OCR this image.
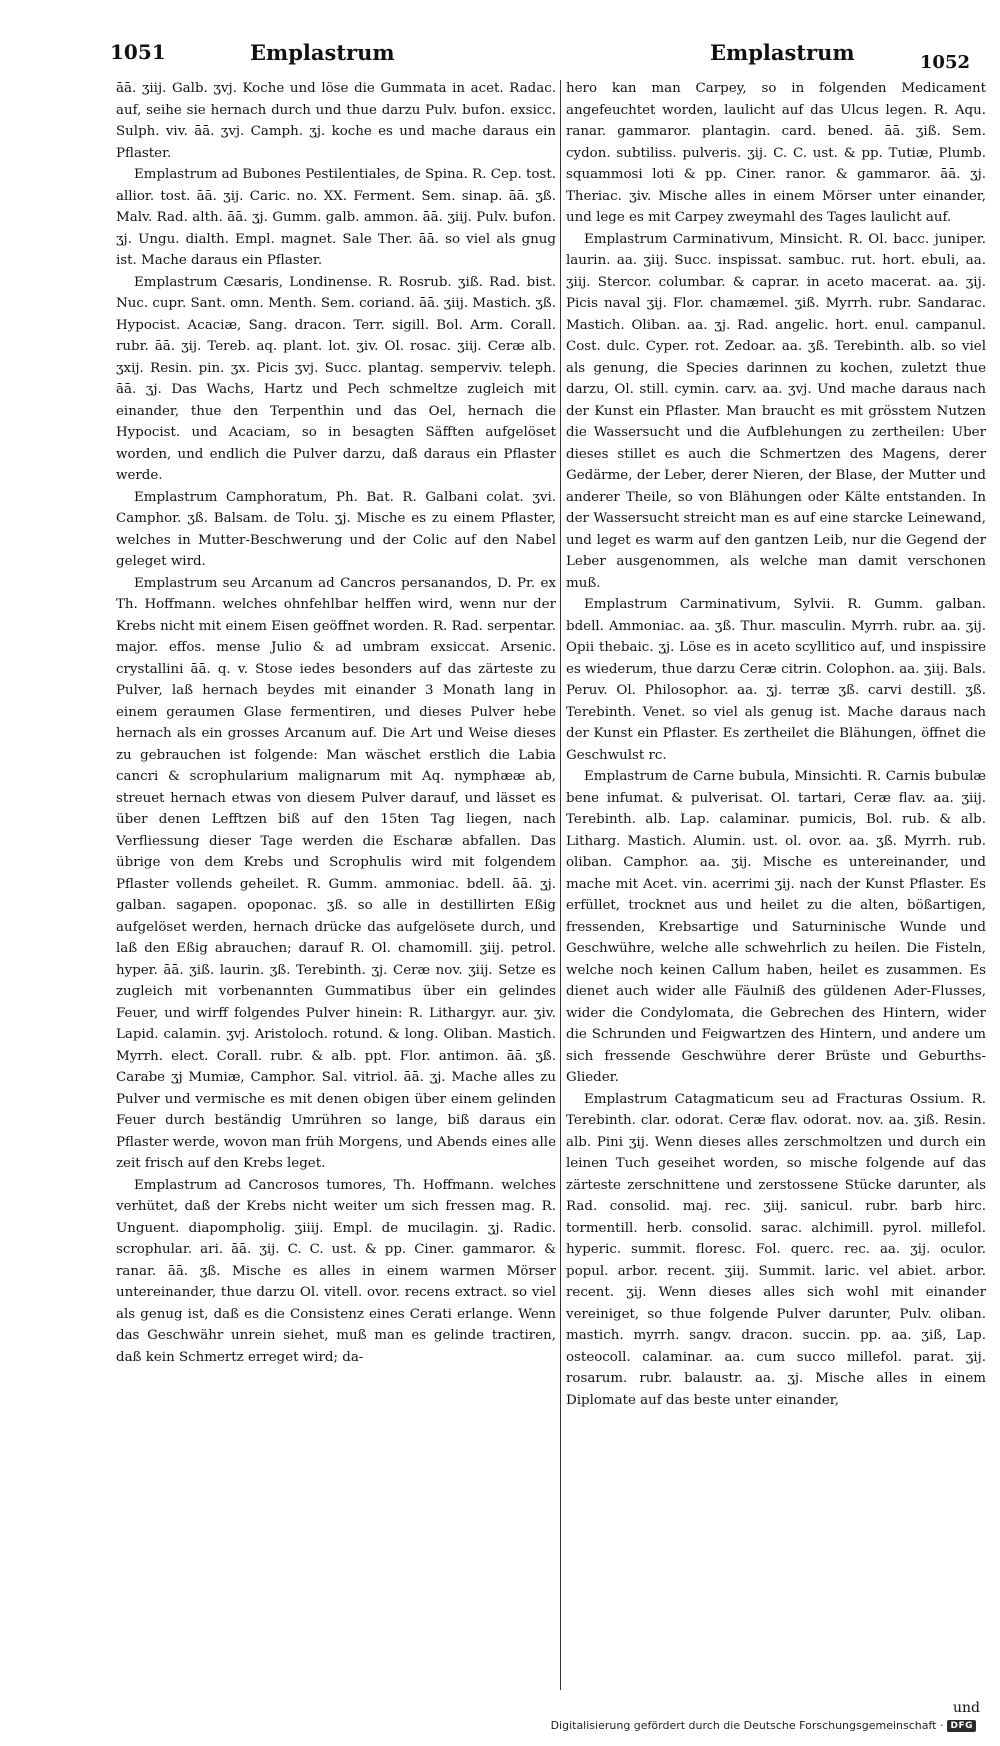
1051	Emplastrum	Emplastrum	1052

āā. ʒiij. Galb. ʒvj. Koche und löse die Gummata in acet. Radac. auf, seihe sie hernach durch und thue darzu Pulv. bufon. exsicc. Sulph. viv. āā. ʒvj. Camph. ʒj. koche es und mache daraus ein Pflaster.

Emplastrum ad Bubones Pestilentiales, de Spina. R. Cep. tost. allior. tost. āā. ʒij. Caric. no. XX. Ferment. Sem. sinap. āā. ʒß. Malv. Rad. alth. āā. ʒj. Gumm. galb. ammon. āā. ʒiij. Pulv. bufon. ʒj. Ungu. dialth. Empl. magnet. Sale Ther. āā. so viel als gnug ist. Mache daraus ein Pflaster.

Emplastrum Cæsaris, Londinense. R. Rosrub. ʒiß. Rad. bist. Nuc. cupr. Sant. omn. Menth. Sem. coriand. āā. ʒiij. Mastich. ʒß. Hypocist. Acaciæ, Sang. dracon. Terr. sigill. Bol. Arm. Corall. rubr. āā. ʒij. Tereb. aq. plant. lot. ʒiv. Ol. rosac. ʒiij. Ceræ alb. ʒxij. Resin. pin. ʒx. Picis ʒvj. Succ. plantag. semperviv. teleph. āā. ʒj. Das Wachs, Hartz und Pech schmeltze zugleich mit einander, thue den Terpenthin und das Oel, hernach die Hypocist. und Acaciam, so in besagten Säfften aufgelöset worden, und endlich die Pulver darzu, daß daraus ein Pflaster werde.

Emplastrum Camphoratum, Ph. Bat. R. Galbani colat. ʒvi. Camphor. ʒß. Balsam. de Tolu. ʒj. Mische es zu einem Pflaster, welches in Mutter-Beschwerung und der Colic auf den Nabel geleget wird.

Emplastrum seu Arcanum ad Cancros persanandos, D. Pr. ex Th. Hoffmann. welches ohnfehlbar helffen wird, wenn nur der Krebs nicht mit einem Eisen geöffnet worden. R. Rad. serpentar. major. effos. mense Julio & ad umbram exsiccat. Arsenic. crystallini āā. q. v. Stose iedes besonders auf das zärteste zu Pulver, laß hernach beydes mit einander 3 Monath lang in einem geraumen Glase fermentiren, und dieses Pulver hebe hernach als ein grosses Arcanum auf. Die Art und Weise dieses zu gebrauchen ist folgende: Man wäschet erstlich die Labia cancri & scrophularium malignarum mit Aq. nymphææ ab, streuet hernach etwas von diesem Pulver darauf, und lässet es über denen Lefftzen biß auf den 15ten Tag liegen, nach Verfliessung dieser Tage werden die Escharæ abfallen. Das übrige von dem Krebs und Scrophulis wird mit folgendem Pflaster vollends geheilet. R. Gumm. ammoniac. bdell. āā. ʒj. galban. sagapen. opoponac. ʒß. so alle in destillirten Eßig aufgelöset werden, hernach drücke das aufgelösete durch, und laß den Eßig abrauchen; darauf R. Ol. chamomill. ʒiij. petrol. hyper. āā. ʒiß. laurin. ʒß. Terebinth. ʒj. Ceræ nov. ʒiij. Setze es zugleich mit vorbenannten Gummatibus über ein gelindes Feuer, und wirff folgendes Pulver hinein: R. Lithargyr. aur. ʒiv. Lapid. calamin. ʒvj. Aristoloch. rotund. & long. Oliban. Mastich. Myrrh. elect. Corall. rubr. & alb. ppt. Flor. antimon. āā. ʒß. Carabe ʒj Mumiæ, Camphor. Sal. vitriol. āā. ʒj. Mache alles zu Pulver und vermische es mit denen obigen über einem gelinden Feuer durch beständig Umrühren so lange, biß daraus ein Pflaster werde, wovon man früh Morgens, und Abends eines alle zeit frisch auf den Krebs leget.

Emplastrum ad Cancrosos tumores, Th. Hoffmann. welches verhütet, daß der Krebs nicht weiter um sich fressen mag. R. Unguent. diapompholig. ʒiiij. Empl. de mucilagin. ʒj. Radic. scrophular. ari. āā. ʒij. C. C. ust. & pp. Ciner. gammaror. & ranar. āā. ʒß. Mische es alles in einem warmen Mörser untereinander, thue darzu Ol. vitell. ovor. recens extract. so viel als genug ist, daß es die Consistenz eines Cerati erlange. Wenn das Geschwähr unrein siehet, muß man es gelinde tractiren, daß kein Schmertz erreget wird; da-

hero kan man Carpey, so in folgenden Medicament angefeuchtet worden, laulicht auf das Ulcus legen. R. Aqu. ranar. gammaror. plantagin. card. bened. āā. ʒiß. Sem. cydon. subtiliss. pulveris. ʒij. C. C. ust. & pp. Tutiæ, Plumb. squammosi loti & pp. Ciner. ranor. & gammaror. āā. ʒj. Theriac. ʒiv. Mische alles in einem Mörser unter einander, und lege es mit Carpey zweymahl des Tages laulicht auf.

Emplastrum Carminativum, Minsicht. R. Ol. bacc. juniper. laurin. aa. ʒiij. Succ. inspissat. sambuc. rut. hort. ebuli, aa. ʒiij. Stercor. columbar. & caprar. in aceto macerat. aa. ʒij. Picis naval ʒij. Flor. chamæmel. ʒiß. Myrrh. rubr. Sandarac. Mastich. Oliban. aa. ʒj. Rad. angelic. hort. enul. campanul. Cost. dulc. Cyper. rot. Zedoar. aa. ʒß. Terebinth. alb. so viel als genung, die Species darinnen zu kochen, zuletzt thue darzu, Ol. still. cymin. carv. aa. ʒvj. Und mache daraus nach der Kunst ein Pflaster. Man braucht es mit grösstem Nutzen die Wassersucht und die Aufblehungen zu zertheilen: Uber dieses stillet es auch die Schmertzen des Magens, derer Gedärme, der Leber, derer Nieren, der Blase, der Mutter und anderer Theile, so von Blähungen oder Kälte entstanden. In der Wassersucht streicht man es auf eine starcke Leinewand, und leget es warm auf den gantzen Leib, nur die Gegend der Leber ausgenommen, als welche man damit verschonen muß.

Emplastrum Carminativum, Sylvii. R. Gumm. galban. bdell. Ammoniac. aa. ʒß. Thur. masculin. Myrrh. rubr. aa. ʒij. Opii thebaic. ʒj. Löse es in aceto scyllitico auf, und inspissire es wiederum, thue darzu Ceræ citrin. Colophon. aa. ʒiij. Bals. Peruv. Ol. Philosophor. aa. ʒj. terræ ʒß. carvi destill. ʒß. Terebinth. Venet. so viel als genug ist. Mache daraus nach der Kunst ein Pflaster. Es zertheilet die Blähungen, öffnet die Geschwulst rc.

Emplastrum de Carne bubula, Minsichti. R. Carnis bubulæ bene infumat. & pulverisat. Ol. tartari, Ceræ flav. aa. ʒiij. Terebinth. alb. Lap. calaminar. pumicis, Bol. rub. & alb. Litharg. Mastich. Alumin. ust. ol. ovor. aa. ʒß. Myrrh. rub. oliban. Camphor. aa. ʒij. Mische es untereinander, und mache mit Acet. vin. acerrimi ʒij. nach der Kunst Pflaster. Es erfüllet, trocknet aus und heilet zu die alten, bößartigen, fressenden, Krebsartige und Saturninische Wunde und Geschwühre, welche alle schwehrlich zu heilen. Die Fisteln, welche noch keinen Callum haben, heilet es zusammen. Es dienet auch wider alle Fäulniß des güldenen Ader-Flusses, wider die Condylomata, die Gebrechen des Hintern, wider die Schrunden und Feigwartzen des Hintern, und andere um sich fressende Geschwühre derer Brüste und Geburths-Glieder.

Emplastrum Catagmaticum seu ad Fracturas Ossium. R. Terebinth. clar. odorat. Ceræ flav. odorat. nov. aa. ʒiß. Resin. alb. Pini ʒij. Wenn dieses alles zerschmoltzen und durch ein leinen Tuch geseihet worden, so mische folgende auf das zärteste zerschnittene und zerstossene Stücke darunter, als Rad. consolid. maj. rec. ʒiij. sanicul. rubr. barb hirc. tormentill. herb. consolid. sarac. alchimill. pyrol. millefol. hyperic. summit. floresc. Fol. querc. rec. aa. ʒij. oculor. popul. arbor. recent. ʒiij. Summit. laric. vel abiet. arbor. recent. ʒij. Wenn dieses alles sich wohl mit einander vereiniget, so thue folgende Pulver darunter, Pulv. oliban. mastich. myrrh. sangv. dracon. succin. pp. aa. ʒiß, Lap. osteocoll. calaminar. aa. cum succo millefol. parat. ʒij. rosarum. rubr. balaustr. aa. ʒj. Mische alles in einem Diplomate auf das beste unter einander,

und
Digitalisierung gefördert durch die Deutsche Forschungsgemeinschaft · DFG
